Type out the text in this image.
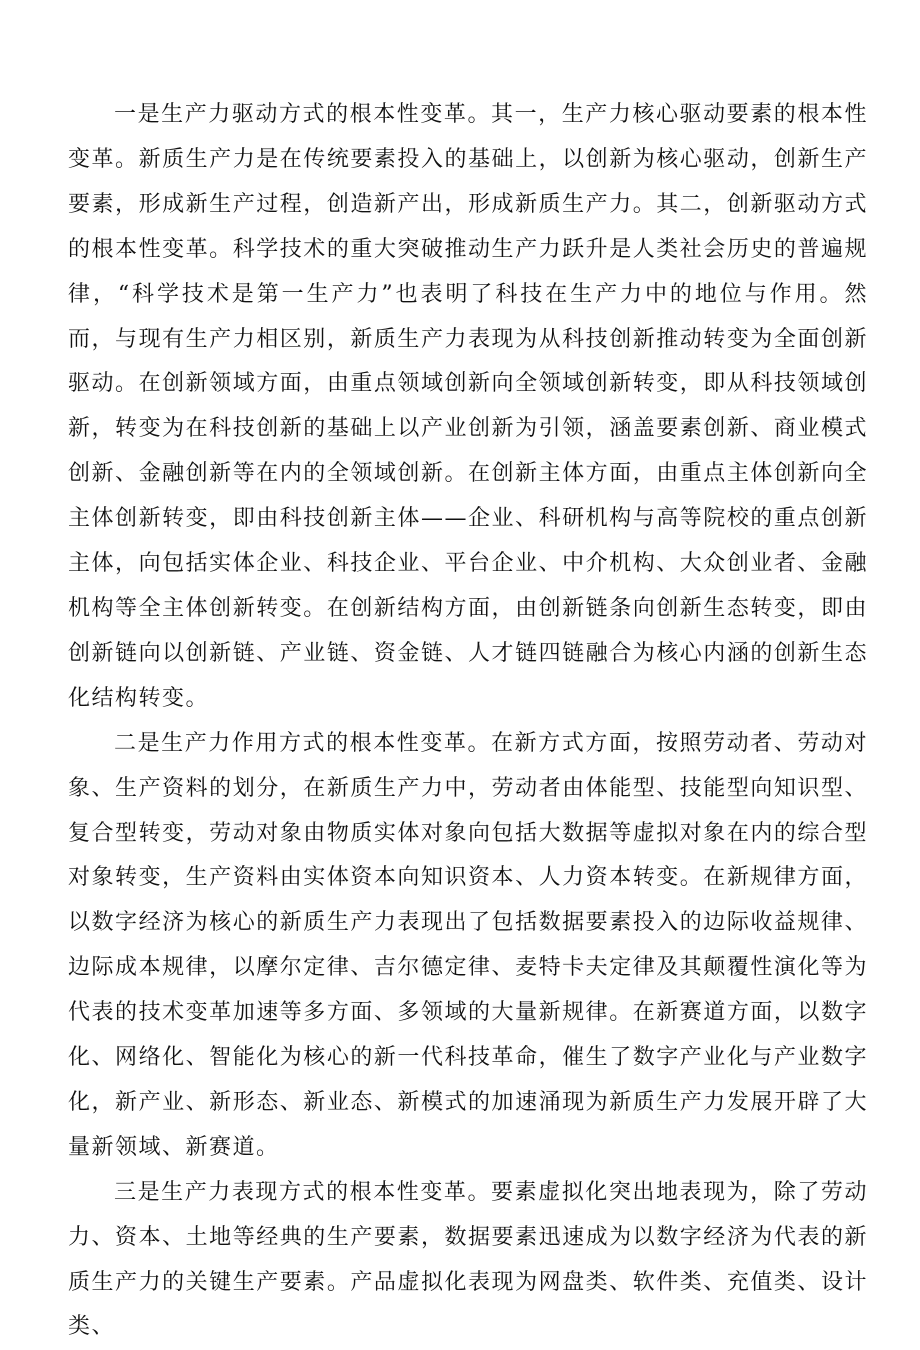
一是生产力驱动方式的根本性变革。其一，生产力核心驱动要素的根本性变革。新质生产力是在传统要素投入的基础上，以创新为核心驱动，创新生产要素，形成新生产过程，创造新产出，形成新质生产力。其二，创新驱动方式的根本性变革。科学技术的重大突破推动生产力跃升是人类社会历史的普遍规律，“科学技术是第一生产力”也表明了科技在生产力中的地位与作用。然而，与现有生产力相区别，新质生产力表现为从科技创新推动转变为全面创新驱动。在创新领域方面，由重点领域创新向全领域创新转变，即从科技领域创新，转变为在科技创新的基础上以产业创新为引领，涵盖要素创新、商业模式创新、金融创新等在内的全领域创新。在创新主体方面，由重点主体创新向全主体创新转变，即由科技创新主体——企业、科研机构与高等院校的重点创新主体，向包括实体企业、科技企业、平台企业、中介机构、大众创业者、金融机构等全主体创新转变。在创新结构方面，由创新链条向创新生态转变，即由创新链向以创新链、产业链、资金链、人才链四链融合为核心内涵的创新生态化结构转变。

二是生产力作用方式的根本性变革。在新方式方面，按照劳动者、劳动对象、生产资料的划分，在新质生产力中，劳动者由体能型、技能型向知识型、复合型转变，劳动对象由物质实体对象向包括大数据等虚拟对象在内的综合型对象转变，生产资料由实体资本向知识资本、人力资本转变。在新规律方面，以数字经济为核心的新质生产力表现出了包括数据要素投入的边际收益规律、边际成本规律，以摩尔定律、吉尔德定律、麦特卡夫定律及其颠覆性演化等为代表的技术变革加速等多方面、多领域的大量新规律。在新赛道方面，以数字化、网络化、智能化为核心的新一代科技革命，催生了数字产业化与产业数字化，新产业、新形态、新业态、新模式的加速涌现为新质生产力发展开辟了大量新领域、新赛道。

三是生产力表现方式的根本性变革。要素虚拟化突出地表现为，除了劳动力、资本、土地等经典的生产要素，数据要素迅速成为以数字经济为代表的新质生产力的关键生产要素。产品虚拟化表现为网盘类、软件类、充值类、设计类、
